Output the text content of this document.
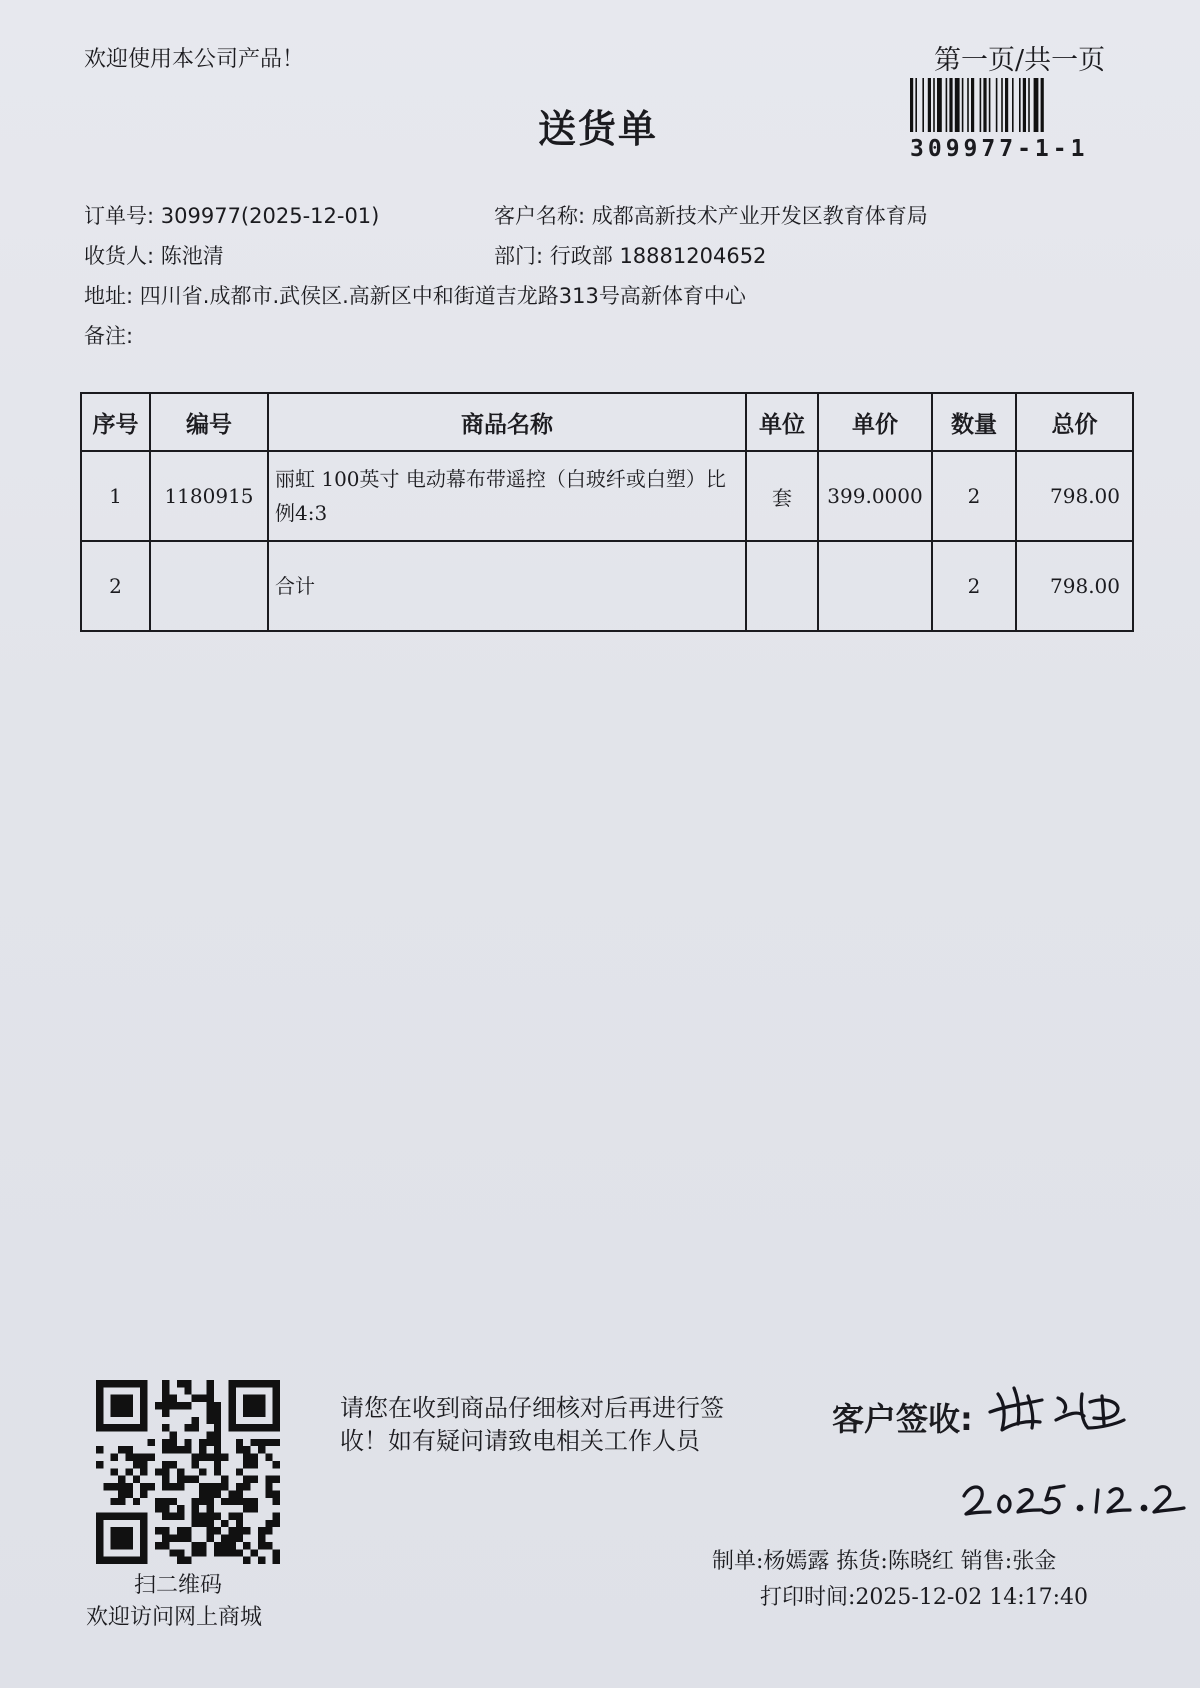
欢迎使用本公司产品！	第一页/共一页
309977-1-1
送货单
订单号: 309977(2025-12-01)	客户名称: 成都高新技术产业开发区教育体育局
收货人: 陈池清	部门: 行政部 18881204652
地址: 四川省.成都市.武侯区.高新区中和街道吉龙路313号高新体育中心
备注:
序号	编号	商品名称	单位	单价	数量	总价
1	1180915	丽虹 100英寸 电动幕布带遥控（白玻纤或白塑）比例4:3	套	399.0000	2	798.00
2		合计			2	798.00
扫二维码
欢迎访问网上商城
请您在收到商品仔细核对后再进行签收！如有疑问请致电相关工作人员
客户签收:
制单:杨嫣露 拣货:陈晓红 销售:张金
打印时间:2025-12-02 14:17:40
